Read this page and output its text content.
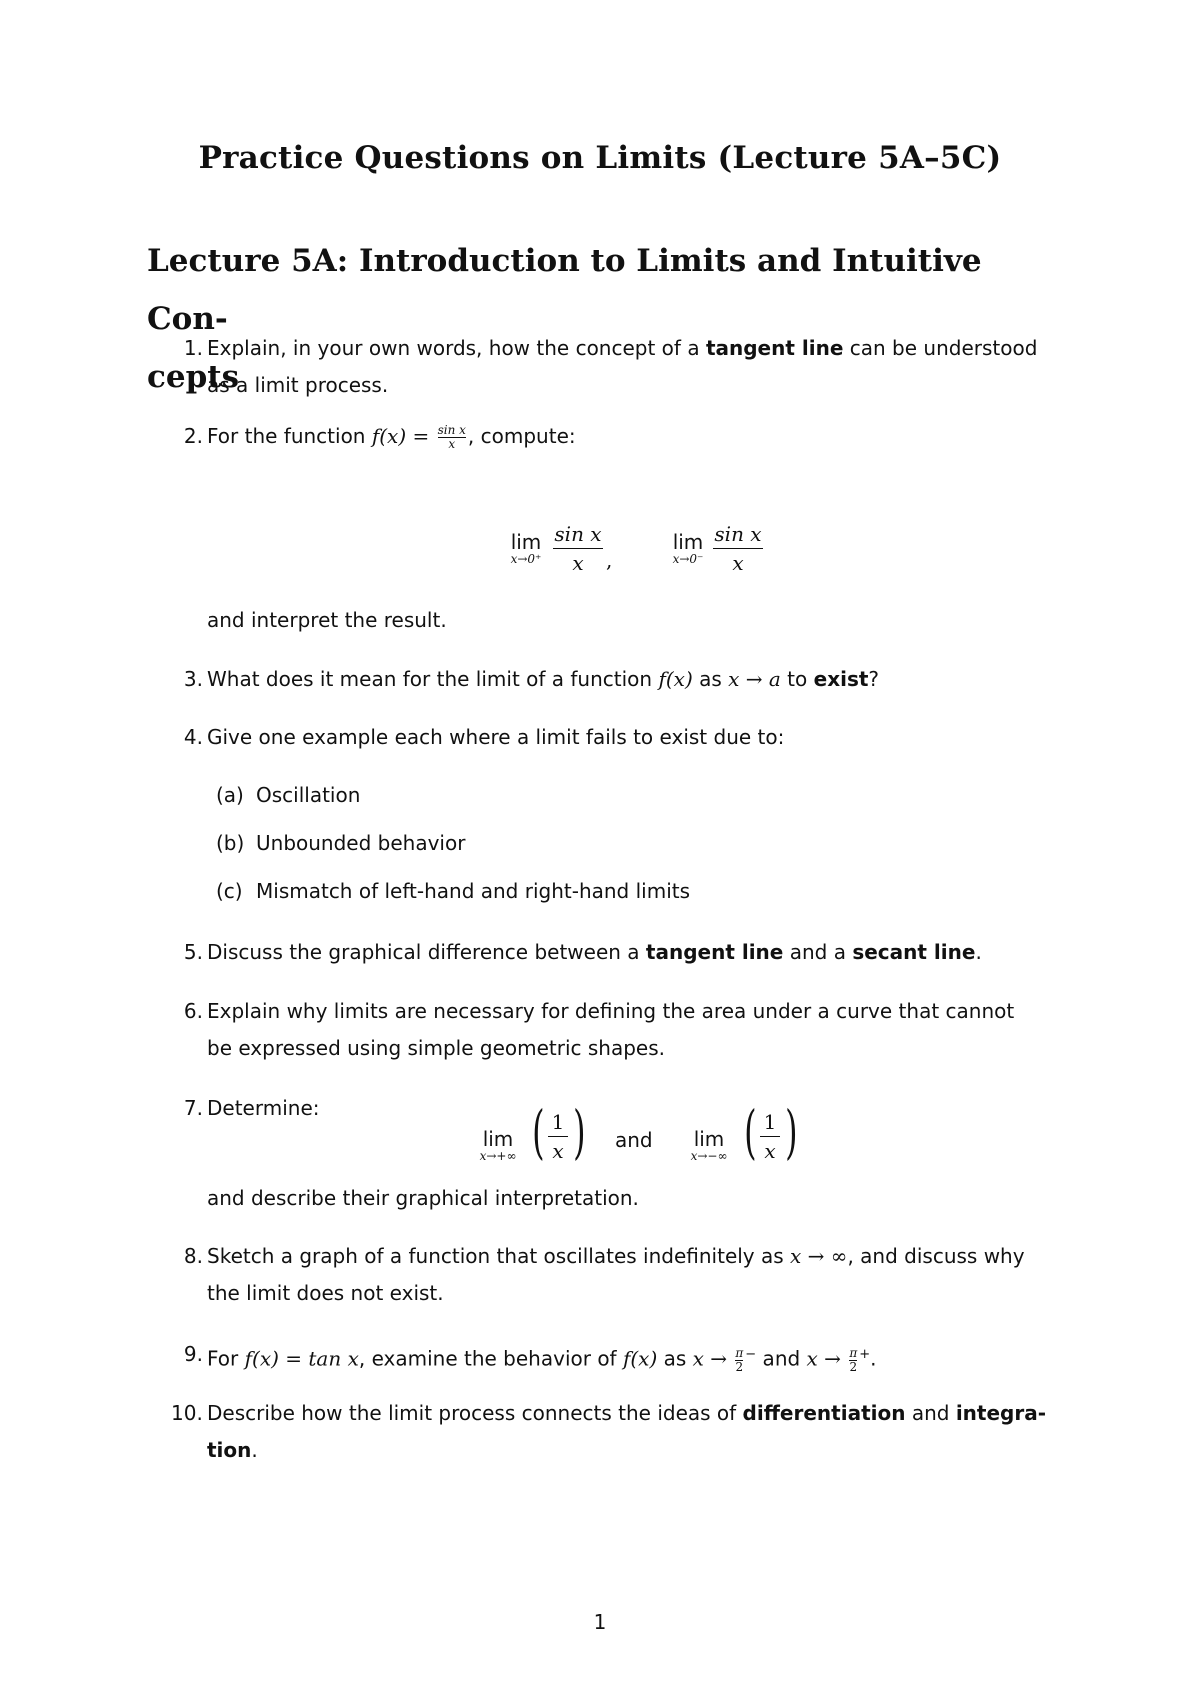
Practice Questions on Limits (Lecture 5A–5C)
Lecture 5A: Introduction to Limits and Intuitive Con-
cepts
1. Explain, in your own words, how the concept of a tangent line can be understood
as a limit process.
2. For the function $f(x) = \frac{\text{sin x}}{x}$ , compute:
lim
x→0⁺
sin x
x	,
lim
x→0⁻
sin x
x
and interpret the result.
3. What does it mean for the limit of a function f(x) as x → a to exist?
4. Give one example each where a limit fails to exist due to:
(a) Oscillation
(b) Unbounded behavior
(c) Mismatch of left-hand and right-hand limits
5. Discuss the graphical difference between a tangent line and a secant line.
6. Explain why limits are necessary for defining the area under a curve that cannot
be expressed using simple geometric shapes.
7. Determine:
lim
x→+∞ ( 1
x ) and	lim
x→−∞ ( 1
x )
and describe their graphical interpretation.
8. Sketch a graph of a function that oscillates indefinitely as x → ∞, and discuss why
the limit does not exist.
9. For f(x) = tan x, examine the behavior of f(x) as $x \to \frac{\pi}{2} ^-$ and $x \to \frac{\pi}{2} ^+$.
10. Describe how the limit process connects the ideas of differentiation and integra-
tion.
1
